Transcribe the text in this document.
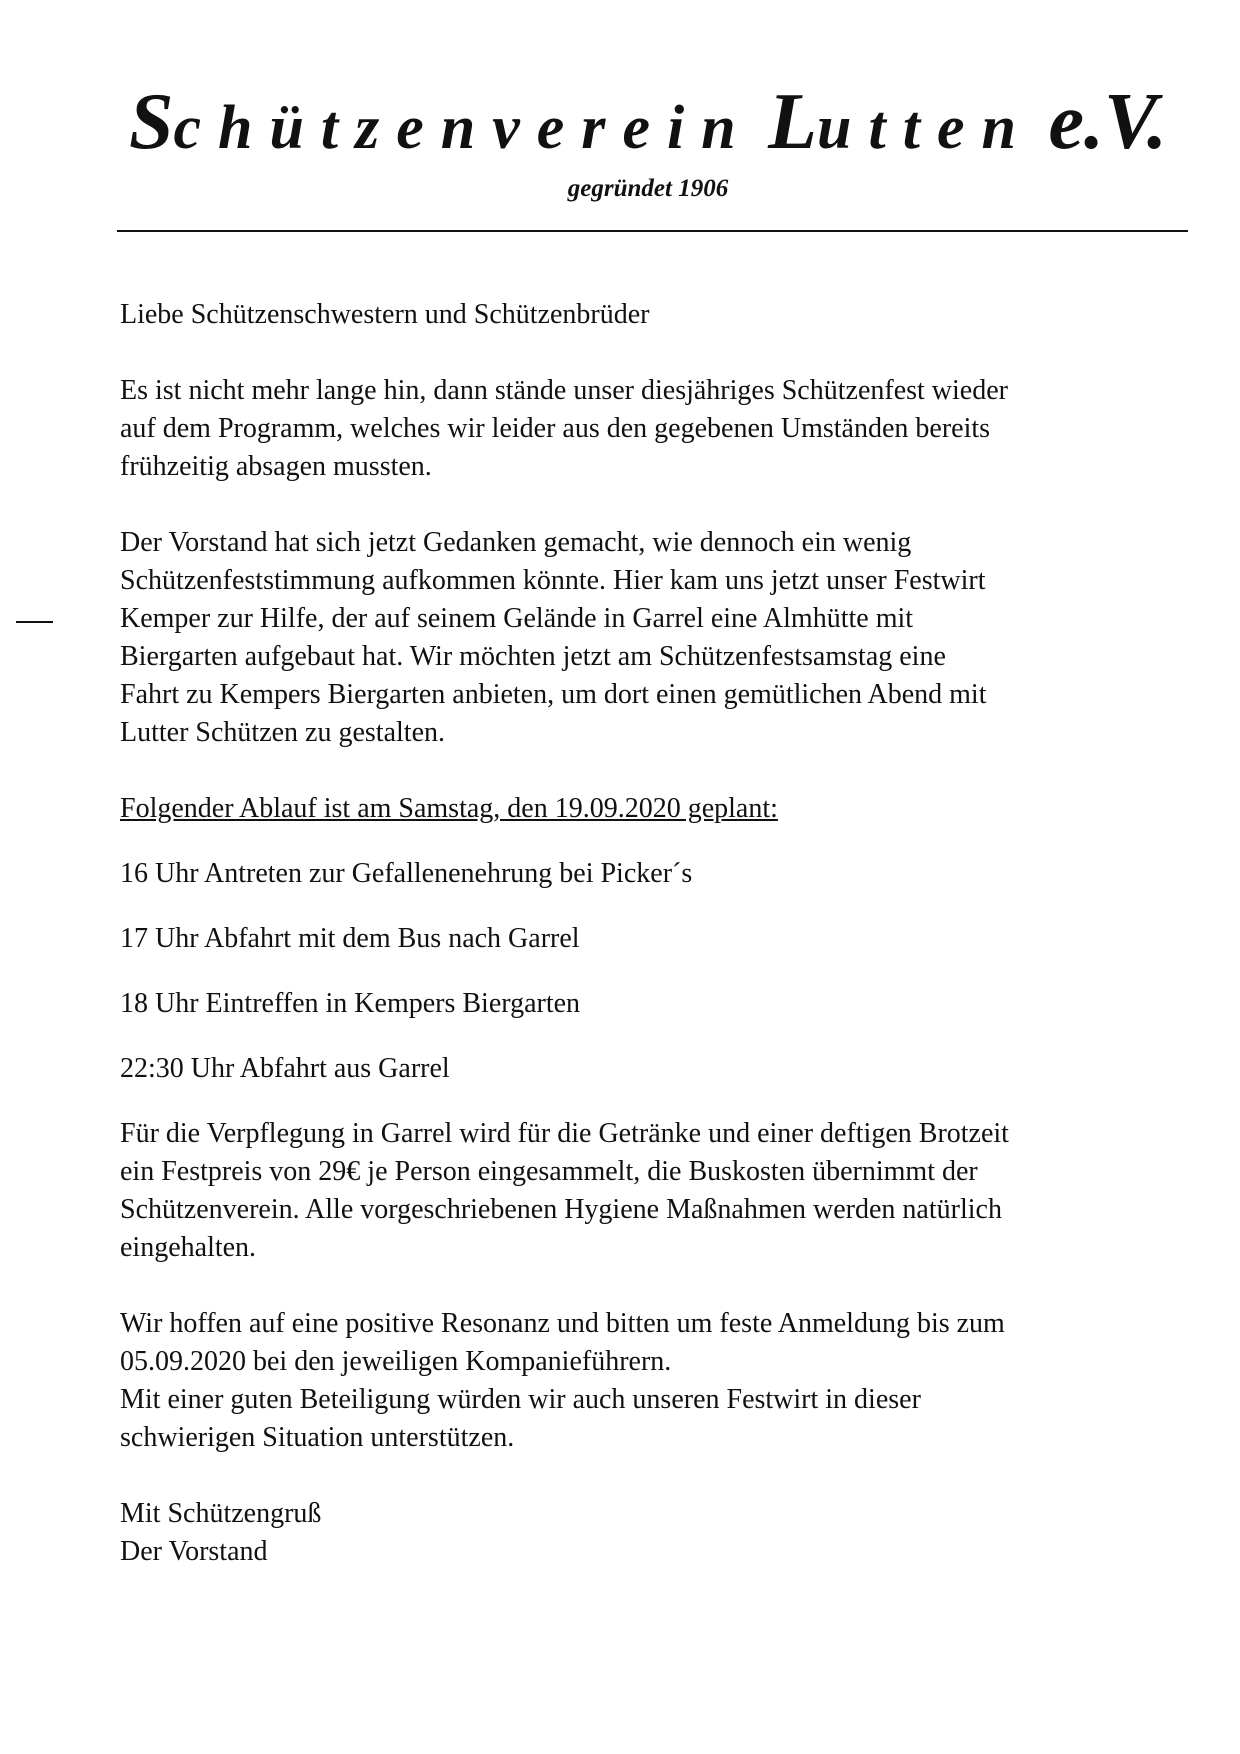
Schützenverein Lutten e.V.
gegründet 1906

Liebe Schützenschwestern und Schützenbrüder

Es ist nicht mehr lange hin, dann stände unser diesjähriges Schützenfest wieder

auf dem Programm, welches wir leider aus den gegebenen Umständen bereits

frühzeitig absagen mussten.

Der Vorstand hat sich jetzt Gedanken gemacht, wie dennoch ein wenig

Schützenfeststimmung aufkommen könnte. Hier kam uns jetzt unser Festwirt

Kemper zur Hilfe, der auf seinem Gelände in Garrel eine Almhütte mit

Biergarten aufgebaut hat. Wir möchten jetzt am Schützenfestsamstag eine

Fahrt zu Kempers Biergarten anbieten, um dort einen gemütlichen Abend mit

Lutter Schützen zu gestalten.

Folgender Ablauf ist am Samstag, den 19.09.2020 geplant:

16 Uhr Antreten zur Gefallenenehrung bei Picker´s

17 Uhr Abfahrt mit dem Bus nach Garrel

18 Uhr Eintreffen in Kempers Biergarten

22:30 Uhr Abfahrt aus Garrel

Für die Verpflegung in Garrel wird für die Getränke und einer deftigen Brotzeit

ein Festpreis von 29€ je Person eingesammelt, die Buskosten übernimmt der

Schützenverein. Alle vorgeschriebenen Hygiene Maßnahmen werden natürlich

eingehalten.

Wir hoffen auf eine positive Resonanz und bitten um feste Anmeldung bis zum

05.09.2020 bei den jeweiligen Kompanieführern.

Mit einer guten Beteiligung würden wir auch unseren Festwirt in dieser

schwierigen Situation unterstützen.

Mit Schützengruß

Der Vorstand
